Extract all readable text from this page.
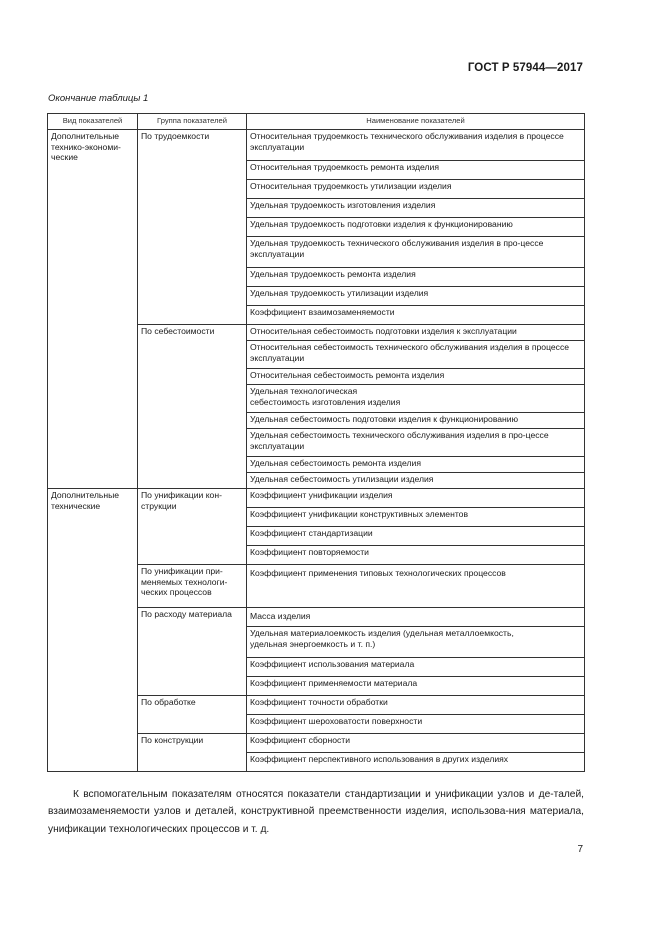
ГОСТ Р 57944—2017
Окончание таблицы 1
Вид показателей	Группа показателей	Наименование показателей
Дополнительные технико-экономи-ческие	По трудоемкости	Относительная трудоемкость технического обслуживания изделия в процессе эксплуатации
		Относительная трудоемкость ремонта изделия
		Относительная трудоемкость утилизации изделия
		Удельная трудоемкость изготовления изделия
		Удельная трудоемкость подготовки изделия к функционированию
		Удельная трудоемкость технического обслуживания изделия в про-цессе эксплуатации
		Удельная трудоемкость ремонта изделия
		Удельная трудоемкость утилизации изделия
		Коэффициент взаимозаменяемости
	По себестоимости	Относительная себестоимость подготовки изделия к эксплуатации
		Относительная себестоимость технического обслуживания изделия в процессе эксплуатации
		Относительная себестоимость ремонта изделия
		Удельная технологическая себестоимость изготовления изделия
		Удельная себестоимость подготовки изделия к функционированию
		Удельная себестоимость технического обслуживания изделия в про-цессе эксплуатации
		Удельная себестоимость ремонта изделия
		Удельная себестоимость утилизации изделия
Дополнительные технические	По унификации кон-струкции	Коэффициент унификации изделия
		Коэффициент унификации конструктивных элементов
		Коэффициент стандартизации
		Коэффициент повторяемости
	По унификации при-меняемых технологи-ческих процессов	Коэффициент применения типовых технологических процессов
	По расходу материала	Масса изделия
		Удельная материалоемкость изделия (удельная металлоемкость, удельная энергоемкость и т. п.)
		Коэффициент использования материала
		Коэффициент применяемости материала
	По обработке	Коэффициент точности обработки
		Коэффициент шероховатости поверхности
	По конструкции	Коэффициент сборности
		Коэффициент перспективного использования в других изделиях
К вспомогательным показателям относятся показатели стандартизации и унификации узлов и де-талей, взаимозаменяемости узлов и деталей, конструктивной преемственности изделия, использова-ния материала, унификации технологических процессов и т. д.
7
